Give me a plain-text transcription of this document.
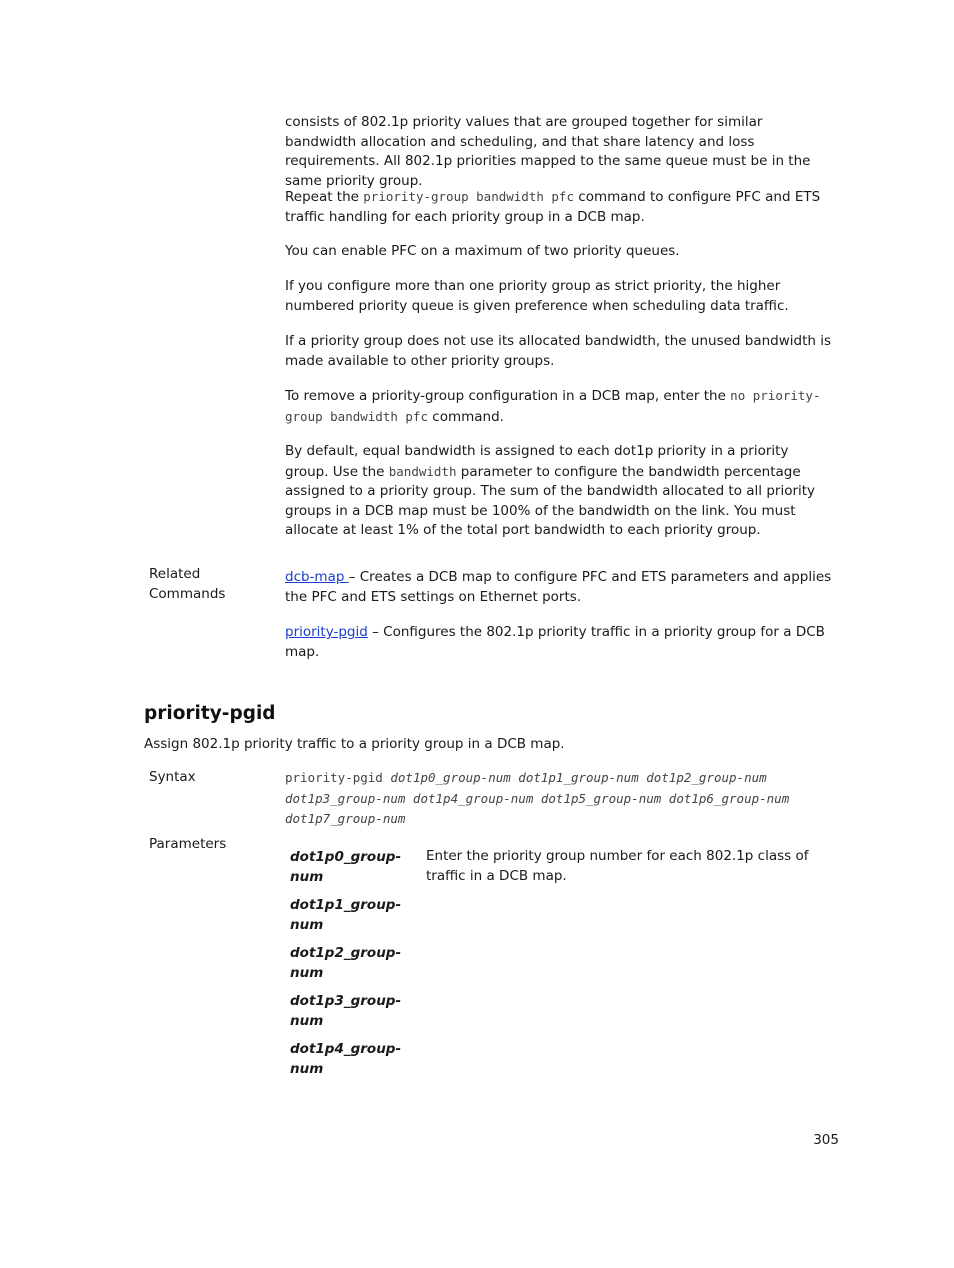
consists of 802.1p priority values that are grouped together for similar bandwidth allocation and scheduling, and that share latency and loss requirements. All 802.1p priorities mapped to the same queue must be in the same priority group.

Repeat the priority-group bandwidth pfc command to configure PFC and ETS traffic handling for each priority group in a DCB map.

You can enable PFC on a maximum of two priority queues.

If you configure more than one priority group as strict priority, the higher numbered priority queue is given preference when scheduling data traffic.

If a priority group does not use its allocated bandwidth, the unused bandwidth is made available to other priority groups.

To remove a priority-group configuration in a DCB map, enter the no priority-group bandwidth pfc command.

By default, equal bandwidth is assigned to each dot1p priority in a priority group. Use the bandwidth parameter to configure the bandwidth percentage assigned to a priority group. The sum of the bandwidth allocated to all priority groups in a DCB map must be 100% of the bandwidth on the link. You must allocate at least 1% of the total port bandwidth to each priority group.

Related
Commands

dcb-map – Creates a DCB map to configure PFC and ETS parameters and applies the PFC and ETS settings on Ethernet ports.

priority-pgid – Configures the 802.1p priority traffic in a priority group for a DCB map.

priority-pgid

Assign 802.1p priority traffic to a priority group in a DCB map.

Syntax	priority-pgid dot1p0_group-num dot1p1_group-num dot1p2_group-num dot1p3_group-num dot1p4_group-num dot1p5_group-num dot1p6_group-num dot1p7_group-num

Parameters
dot1p0_group-
num
dot1p1_group-
num
dot1p2_group-
num
dot1p3_group-
num
dot1p4_group-
num

Enter the priority group number for each 802.1p class of traffic in a DCB map.

305
